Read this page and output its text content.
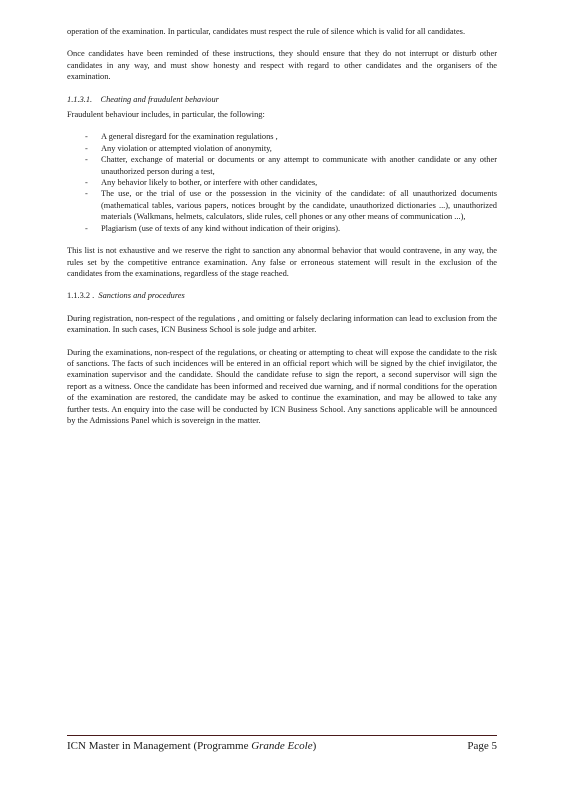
operation of the examination. In particular, candidates must respect the rule of silence which is valid for all candidates.

Once candidates have been reminded of these instructions, they should ensure that they do not interrupt or disturb other candidates in any way, and must show honesty and respect with regard to other candidates and the organisers of the examination.

1.1.3.1. Cheating and fraudulent behaviour

Fraudulent behaviour includes, in particular, the following:

- A general disregard for the examination regulations ,
- Any violation or attempted violation of anonymity,
- Chatter, exchange of material or documents or any attempt to communicate with another candidate or any other unauthorized person during a test,
- Any behavior likely to bother, or interfere with other candidates,
- The use, or the trial of use or the possession in the vicinity of the candidate: of all unauthorized documents (mathematical tables, various papers, notices brought by the candidate, unauthorized dictionaries ...), unauthorized materials (Walkmans, helmets, calculators, slide rules, cell phones or any other means of communication ...),
- Plagiarism (use of texts of any kind without indication of their origins).

This list is not exhaustive and we reserve the right to sanction any abnormal behavior that would contravene, in any way, the rules set by the competitive entrance examination. Any false or erroneous statement will result in the exclusion of the candidates from the examinations, regardless of the stage reached.

1.1.3.2 . Sanctions and procedures

During registration, non-respect of the regulations , and omitting or falsely declaring information can lead to exclusion from the examination. In such cases, ICN Business School is sole judge and arbiter.

During the examinations, non-respect of the regulations, or cheating or attempting to cheat will expose the candidate to the risk of sanctions. The facts of such incidences will be entered in an official report which will be signed by the chief invigilator, the examination supervisor and the candidate. Should the candidate refuse to sign the report, a second supervisor will sign the report as a witness. Once the candidate has been informed and received due warning, and if normal conditions for the operation of the examination are restored, the candidate may be asked to continue the examination, and may be allowed to take any further tests. An enquiry into the case will be conducted by ICN Business School. Any sanctions applicable will be announced by the Admissions Panel which is sovereign in the matter.

ICN Master in Management (Programme Grande Ecole)	Page 5
